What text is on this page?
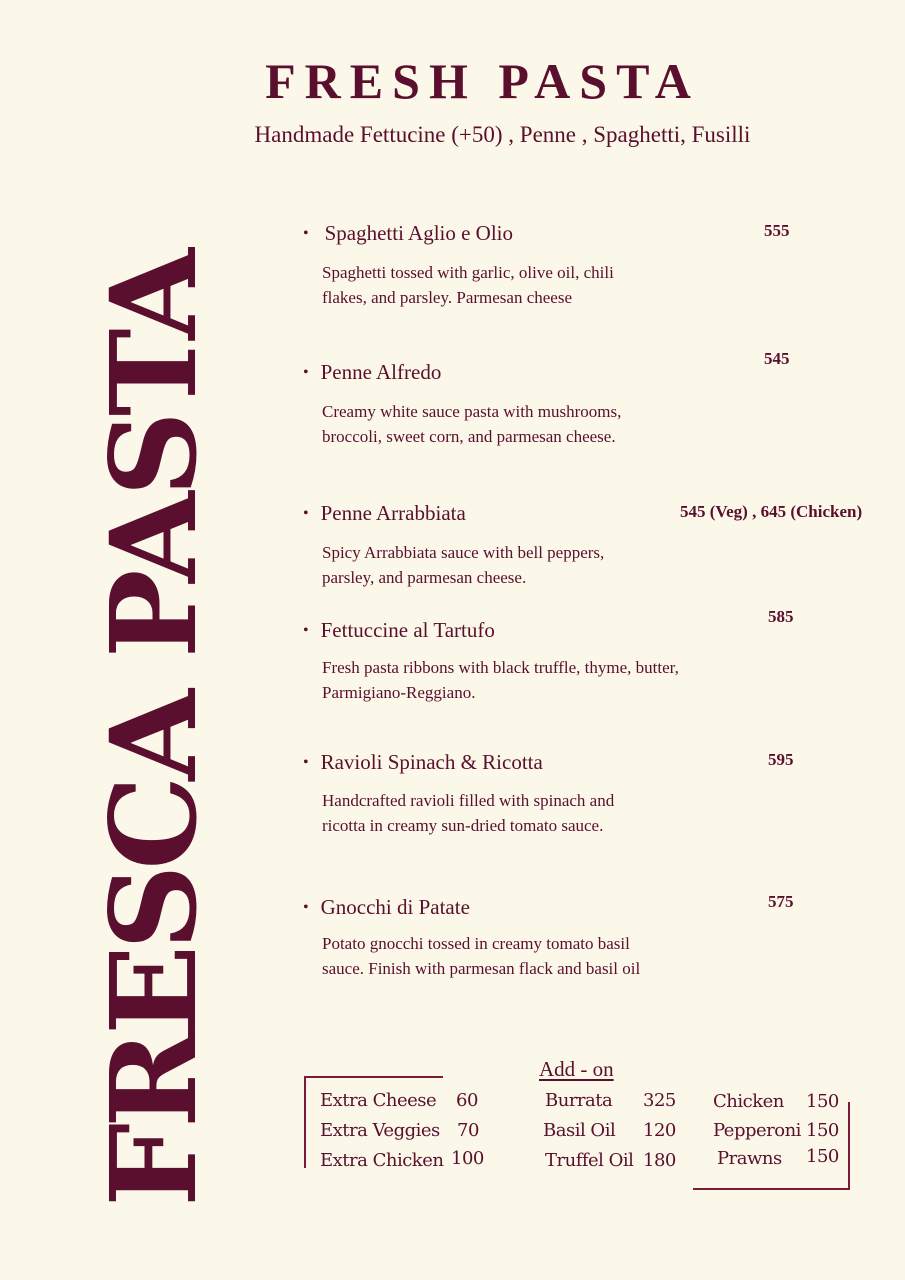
FRESH PASTA
Handmade Fettucine (+50) , Penne , Spaghetti, Fusilli
FRESCA PASTA
• Spaghetti Aglio e Olio	555
Spaghetti tossed with garlic, olive oil, chili flakes, and parsley. Parmesan cheese
• Penne Alfredo
545
Creamy white sauce pasta with mushrooms, broccoli, sweet corn, and parmesan cheese.
• Penne Arrabbiata	545 (Veg) , 645 (Chicken)
Spicy Arrabbiata sauce with bell peppers, parsley, and parmesan cheese.
• Fettuccine al Tartufo
585
Fresh pasta ribbons with black truffle, thyme, butter, Parmigiano-Reggiano.
• Ravioli Spinach & Ricotta	595
Handcrafted ravioli filled with spinach and ricotta in creamy sun-dried tomato sauce.
• Gnocchi di Patate	575
Potato gnocchi tossed in creamy tomato basil sauce. Finish with parmesan flack and basil oil
Add - on
Extra Cheese 60
Extra Veggies 70
Extra Chicken 100
Burrata 325
Basil Oil 120
Truffel Oil 180
Chicken 150
Pepperoni 150
Prawns 150
